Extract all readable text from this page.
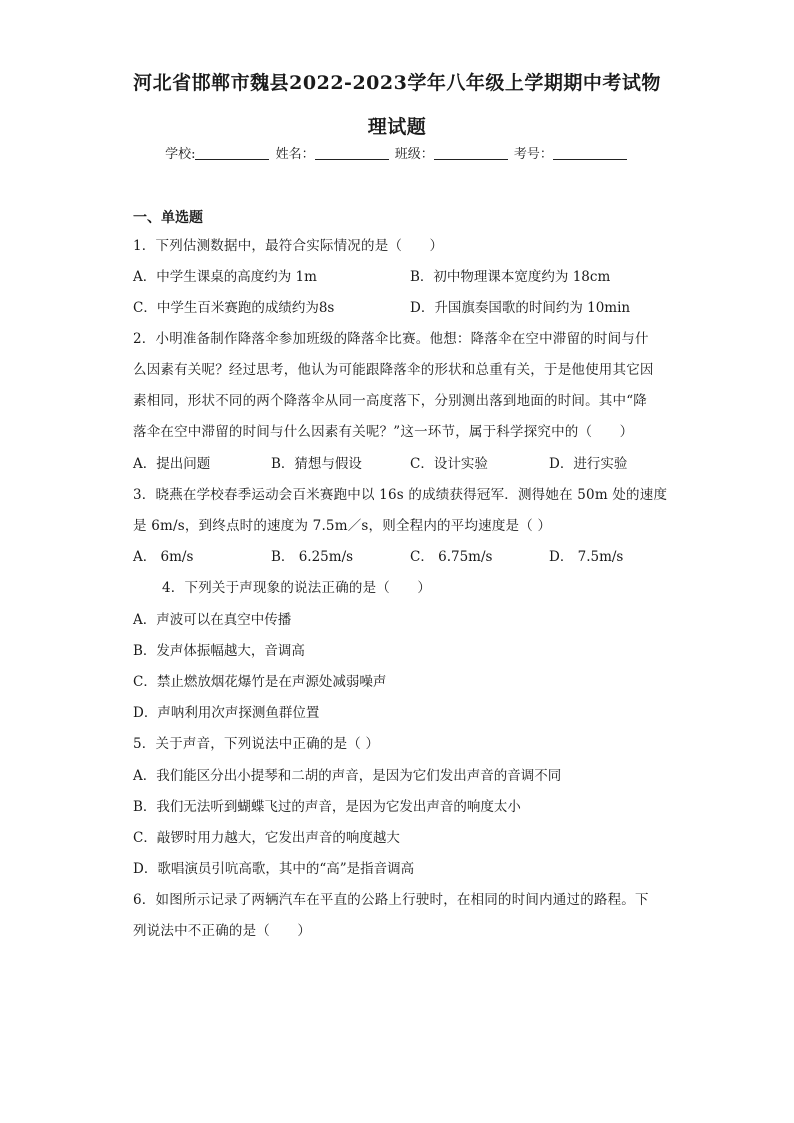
河北省邯郸市魏县2022-2023学年八年级上学期期中考试物
理试题
学校:	姓名：	班级：	考号：
一、单选题
1．下列估测数据中，最符合实际情况的是（　　）
A．中学生课桌的高度约为 1m	B．初中物理课本宽度约为 18cm
C．中学生百米赛跑的成绩约为8s	D．升国旗奏国歌的时间约为 10min
2．小明准备制作降落伞参加班级的降落伞比赛。他想：降落伞在空中滞留的时间与什
么因素有关呢？经过思考，他认为可能跟降落伞的形状和总重有关，于是他使用其它因
素相同，形状不同的两个降落伞从同一高度落下，分别测出落到地面的时间。其中“降
落伞在空中滞留的时间与什么因素有关呢？”这一环节，属于科学探究中的（　　）
A．提出问题	B．猜想与假设	C．设计实验	D．进行实验
3．晓燕在学校春季运动会百米赛跑中以 16s 的成绩获得冠军．测得她在 50m 处的速度
是 6m/s，到终点时的速度为 7.5m／s，则全程内的平均速度是（ ）
A． 6m/s	B． 6.25m/s	C． 6.75m/s	D． 7.5m/s
4．下列关于声现象的说法正确的是（　　）
A．声波可以在真空中传播
B．发声体振幅越大，音调高
C．禁止燃放烟花爆竹是在声源处减弱噪声
D．声呐利用次声探测鱼群位置
5．关于声音，下列说法中正确的是（ ）
A．我们能区分出小提琴和二胡的声音，是因为它们发出声音的音调不同
B．我们无法听到蝴蝶飞过的声音，是因为它发出声音的响度太小
C．敲锣时用力越大，它发出声音的响度越大
D．歌唱演员引吭高歌，其中的“高”是指音调高
6．如图所示记录了两辆汽车在平直的公路上行驶时，在相同的时间内通过的路程。下
列说法中不正确的是（　　）
